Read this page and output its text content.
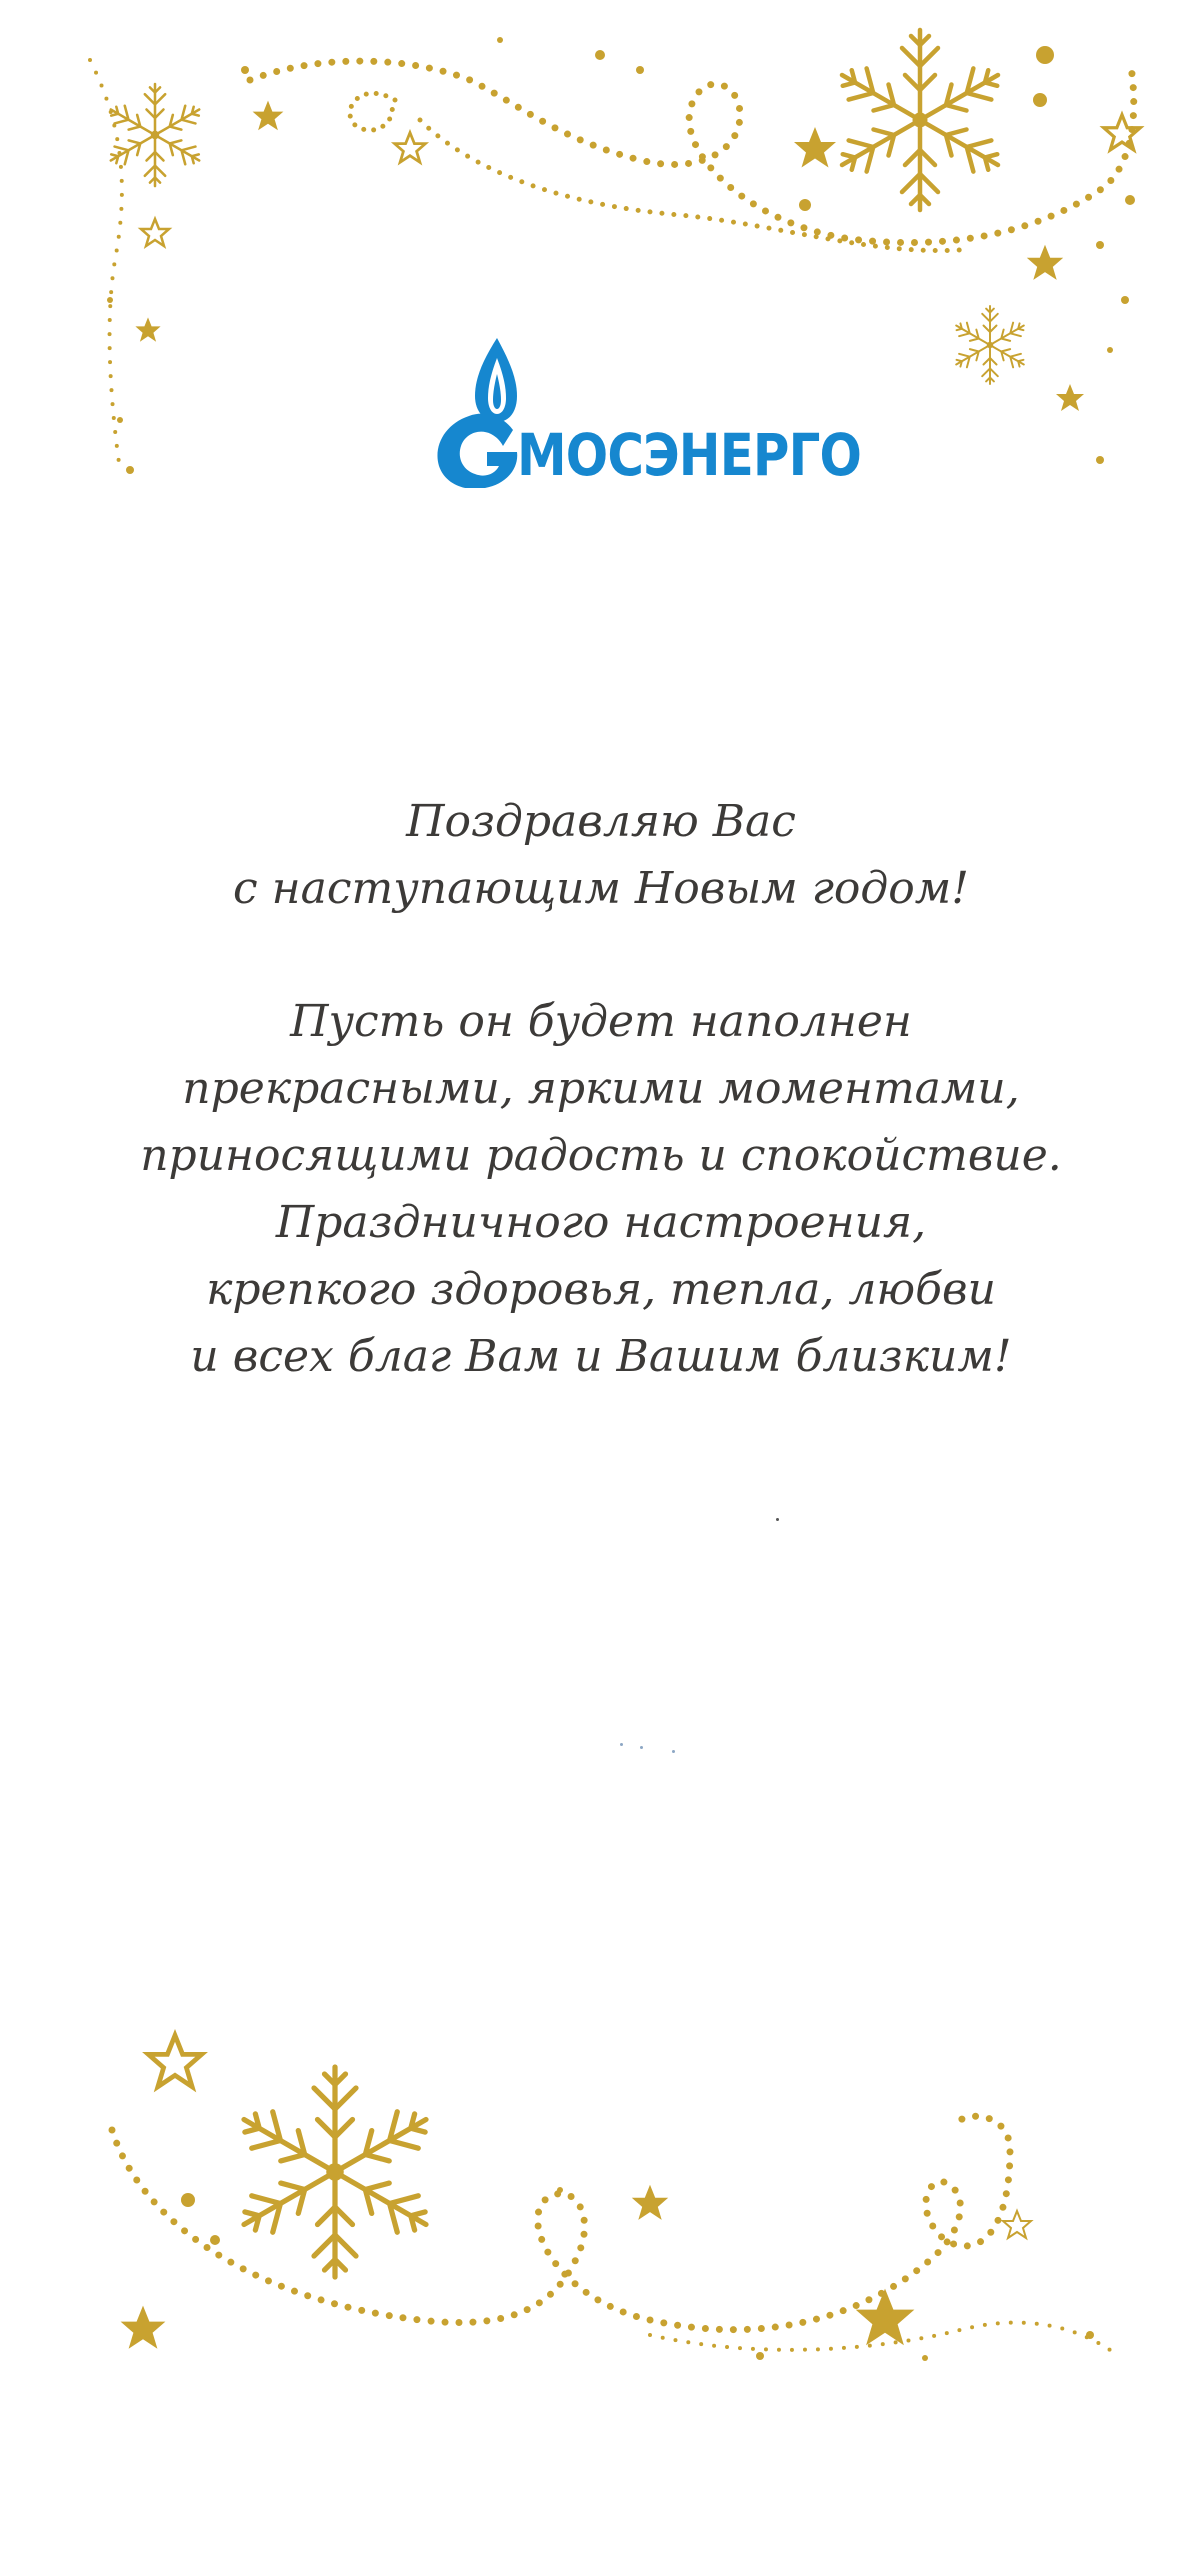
МОСЭНЕРГО
Поздравляю Вас
с наступающим Новым годом!
Пусть он будет наполнен
прекрасными, яркими моментами,
приносящими радость и спокойствие.
Праздничного настроения,
крепкого здоровья, тепла, любви
и всех благ Вам и Вашим близким!
